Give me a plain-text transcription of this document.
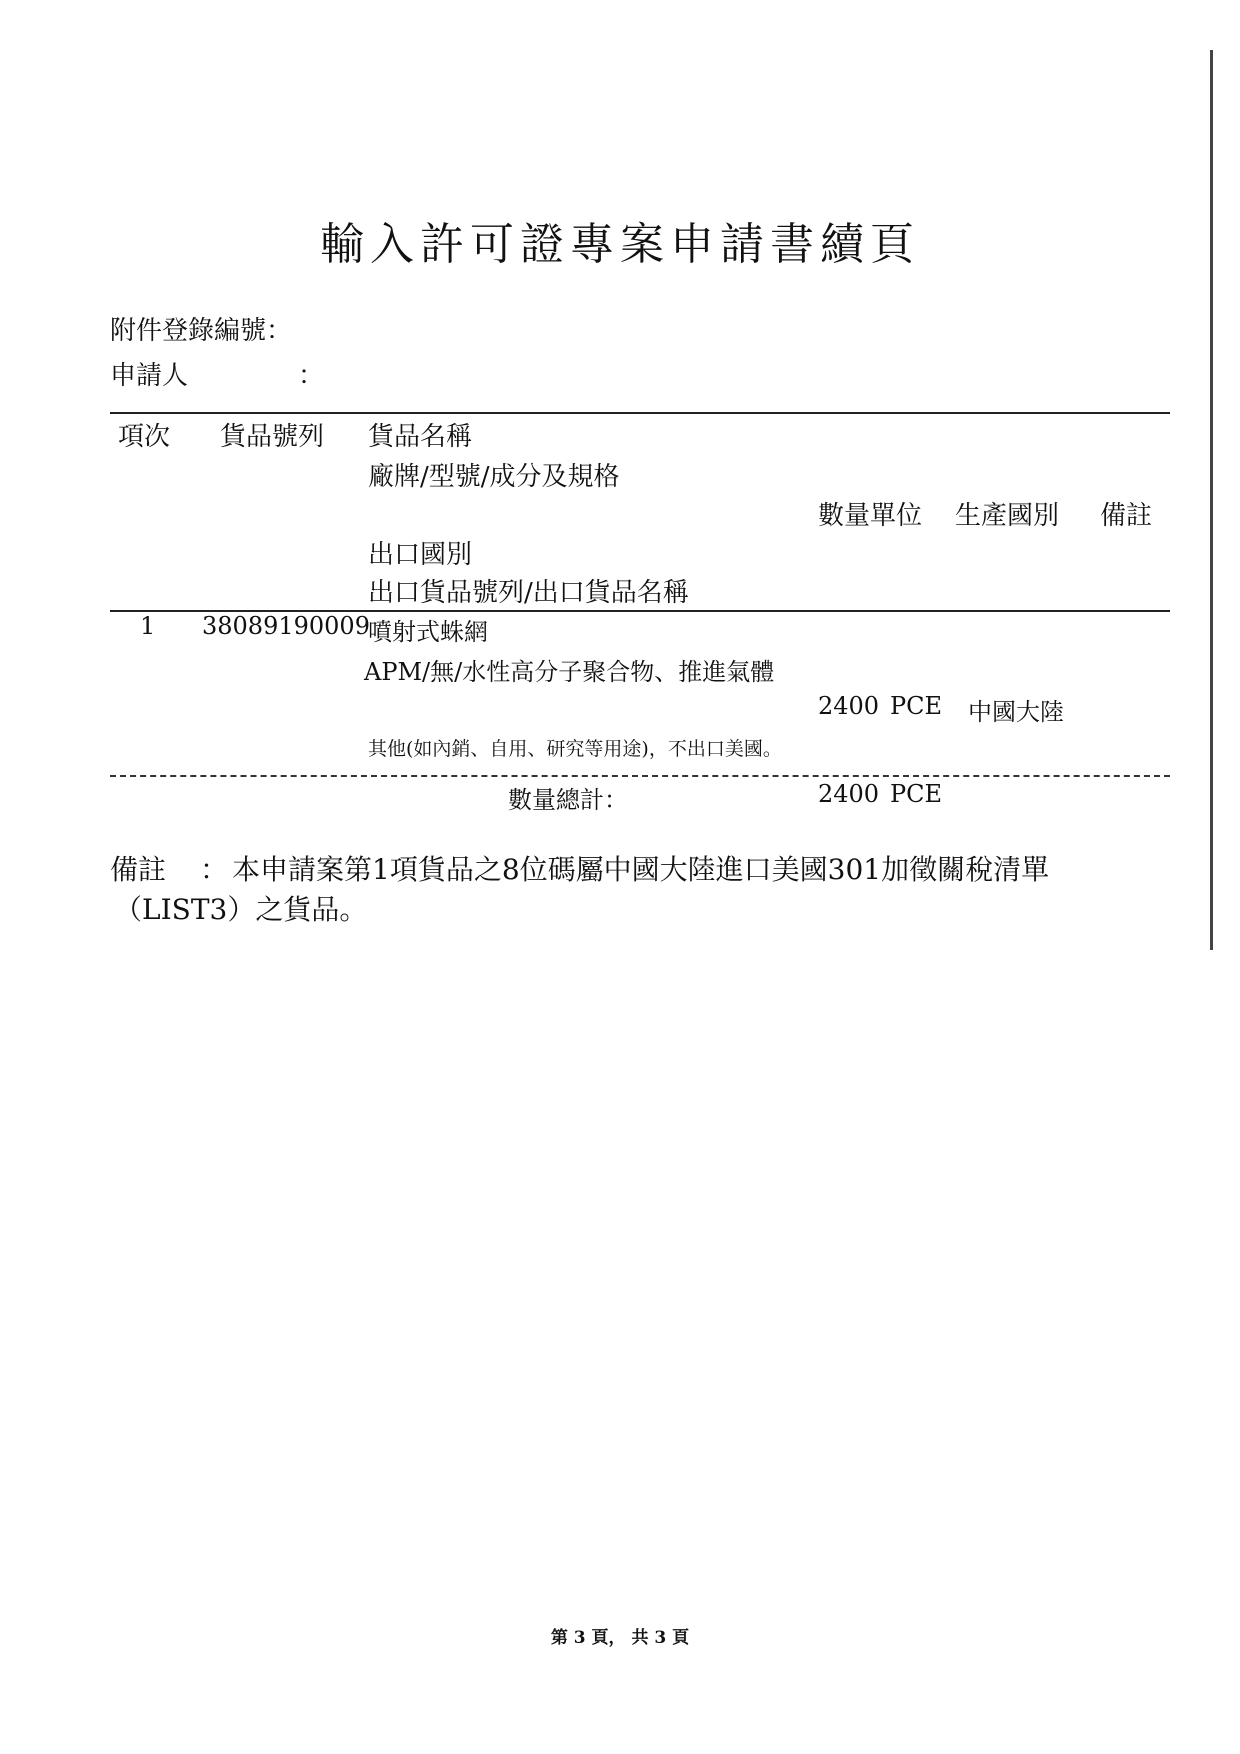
輸入許可證專案申請書續頁
附件登錄編號：
申請人	：
項次 貨品號列 貨品名稱
廠牌/型號/成分及規格
數量單位 生產國別 備註
出口國別
出口貨品號列/出口貨品名稱
1 38089190009
噴射式蛛網
APM/無/水性高分子聚合物、推進氣體
2400 PCE 中國大陸
其他(如內銷、自用、研究等用途)，不出口美國。
數量總計：	2400 PCE
備註 ： 本申請案第1項貨品之8位碼屬中國大陸進口美國301加徵關稅清單
（LIST3）之貨品。
第 3 頁， 共 3 頁
